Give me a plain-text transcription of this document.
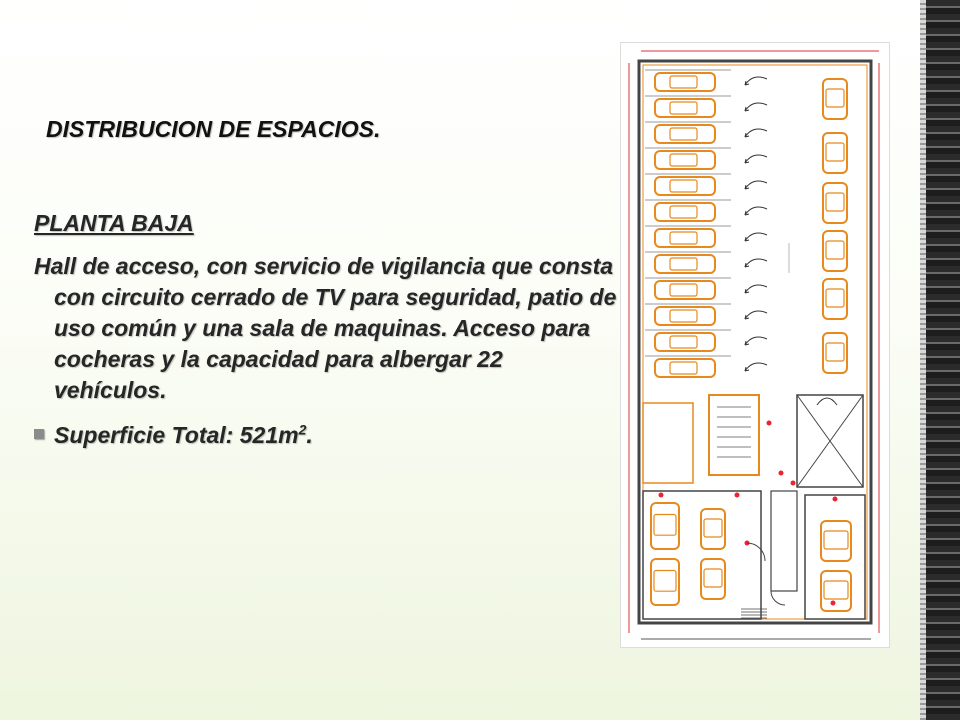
DISTRIBUCION DE ESPACIOS.
PLANTA BAJA
Hall de acceso, con servicio de vigilancia que consta con circuito cerrado de TV para seguridad, patio de uso común y una sala de maquinas. Acceso para cocheras y la capacidad para albergar 22 vehículos.
Superficie Total: $521m^2$.
